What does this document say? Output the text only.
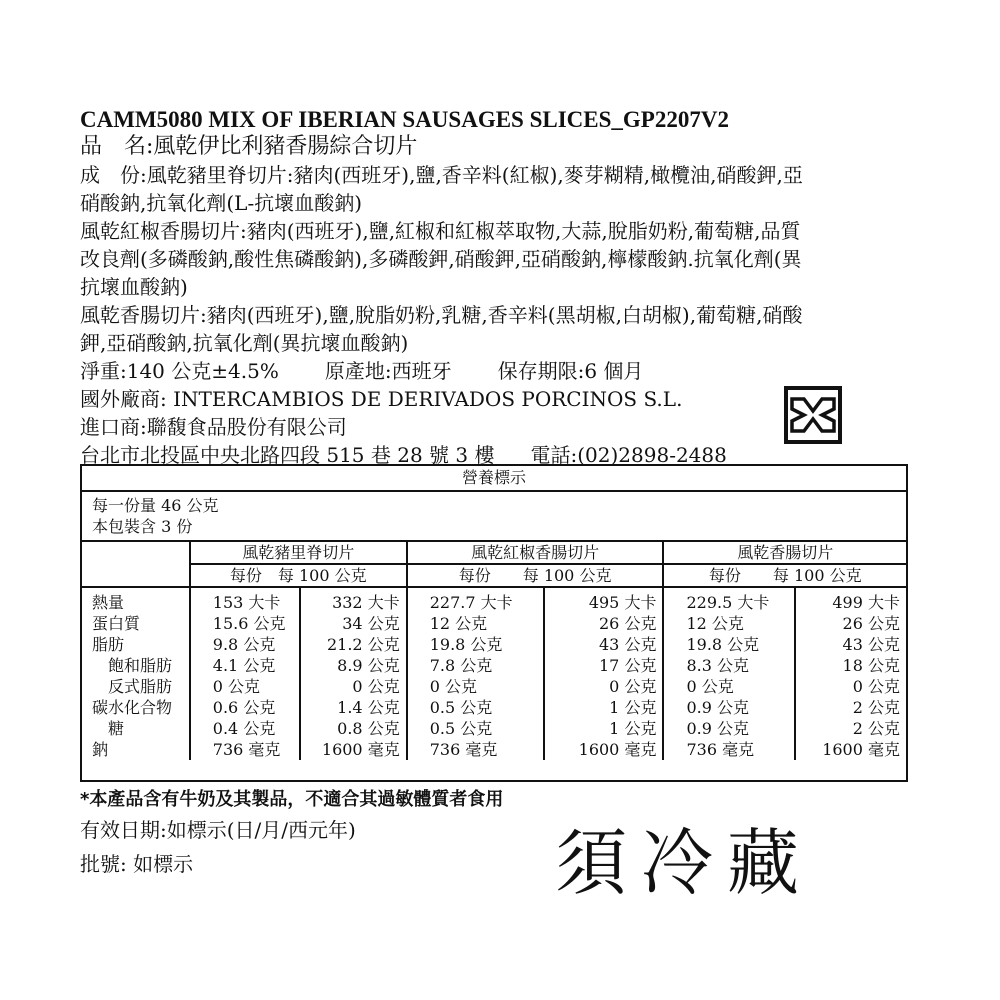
CAMM5080 MIX OF IBERIAN SAUSAGES SLICES_GP2207V2
品　名:風乾伊比利豬香腸綜合切片
成　份:風乾豬里脊切片:豬肉(西班牙),鹽,香辛料(紅椒),麥芽糊精,橄欖油,硝酸鉀,亞
硝酸鈉,抗氧化劑(L-抗壞血酸鈉)
風乾紅椒香腸切片:豬肉(西班牙),鹽,紅椒和紅椒萃取物,大蒜,脫脂奶粉,葡萄糖,品質
改良劑(多磷酸鈉,酸性焦磷酸鈉),多磷酸鉀,硝酸鉀,亞硝酸鈉,檸檬酸鈉.抗氧化劑(異
抗壞血酸鈉)
風乾香腸切片:豬肉(西班牙),鹽,脫脂奶粉,乳糖,香辛料(黑胡椒,白胡椒),葡萄糖,硝酸
鉀,亞硝酸鈉,抗氧化劑(異抗壞血酸鈉)
淨重:140 公克±4.5% 原產地:西班牙 保存期限:6 個月
國外廠商: INTERCAMBIOS DE DERIVADOS PORCINOS S.L.
進口商:聯馥食品股份有限公司
台北市北投區中央北路四段 515 巷 28 號 3 樓 電話:(02)2898-2488
營養標示						
每一份量 46 公克						
本包裝含 3 份						
	風乾豬里脊切片		風乾紅椒香腸切片		風乾香腸切片	
	每份　 每 100 公克		每份　　 每 100 公克		每份　　 每 100 公克	
熱量	153 大卡	332 大卡	227.7 大卡	495 大卡	229.5 大卡	499 大卡
蛋白質	15.6 公克	34 公克	12 公克	26 公克	12 公克	26 公克
脂肪	9.8 公克	21.2 公克	19.8 公克	43 公克	19.8 公克	43 公克
飽和脂肪	4.1 公克	8.9 公克	7.8 公克	17 公克	8.3 公克	18 公克
反式脂肪	0 公克	0 公克	0 公克	0 公克	0 公克	0 公克
碳水化合物	0.6 公克	1.4 公克	0.5 公克	1 公克	0.9 公克	2 公克
糖	0.4 公克	0.8 公克	0.5 公克	1 公克	0.9 公克	2 公克
鈉	736 毫克	1600 毫克	736 毫克	1600 毫克	736 毫克	1600 毫克
*本產品含有牛奶及其製品，不適合其過敏體質者食用
有效日期:如標示(日/月/西元年)
批號: 如標示	須冷藏
